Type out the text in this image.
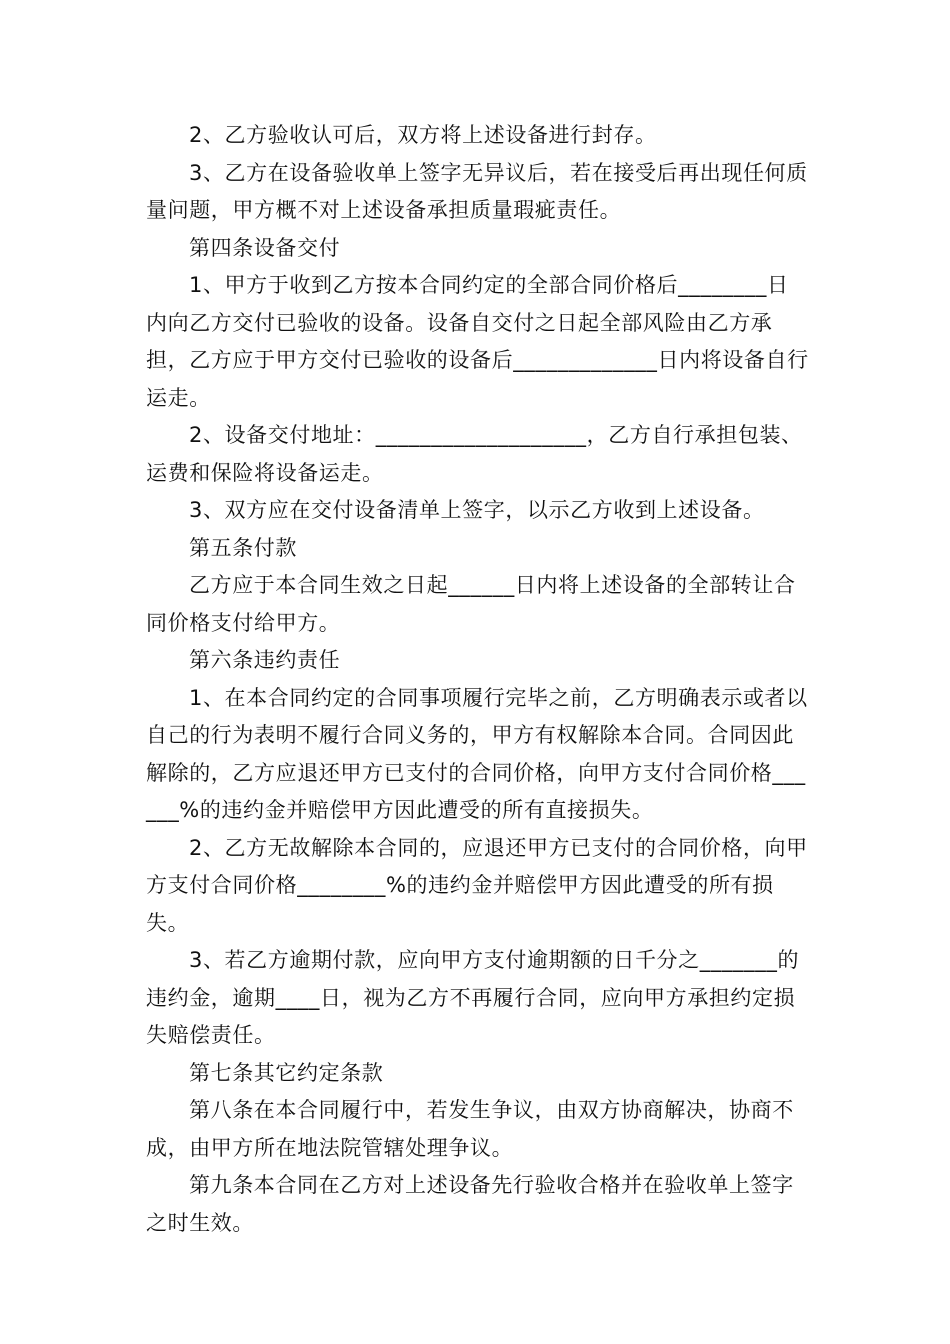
2、乙方验收认可后，双方将上述设备进行封存。

3、乙方在设备验收单上签字无异议后，若在接受后再出现任何质量问题，甲方概不对上述设备承担质量瑕疵责任。

第四条设备交付

1、甲方于收到乙方按本合同约定的全部合同价格后________日内向乙方交付已验收的设备。设备自交付之日起全部风险由乙方承担，乙方应于甲方交付已验收的设备后_____________日内将设备自行运走。

2、设备交付地址：___________________，乙方自行承担包装、运费和保险将设备运走。

3、双方应在交付设备清单上签字，以示乙方收到上述设备。

第五条付款

乙方应于本合同生效之日起______日内将上述设备的全部转让合同价格支付给甲方。

第六条违约责任

1、在本合同约定的合同事项履行完毕之前，乙方明确表示或者以自己的行为表明不履行合同义务的，甲方有权解除本合同。合同因此解除的，乙方应退还甲方已支付的合同价格，向甲方支付合同价格______%的违约金并赔偿甲方因此遭受的所有直接损失。

2、乙方无故解除本合同的，应退还甲方已支付的合同价格，向甲方支付合同价格________%的违约金并赔偿甲方因此遭受的所有损失。

3、若乙方逾期付款，应向甲方支付逾期额的日千分之_______的违约金，逾期____日，视为乙方不再履行合同，应向甲方承担约定损失赔偿责任。

第七条其它约定条款

第八条在本合同履行中，若发生争议，由双方协商解决，协商不成，由甲方所在地法院管辖处理争议。

第九条本合同在乙方对上述设备先行验收合格并在验收单上签字之时生效。
